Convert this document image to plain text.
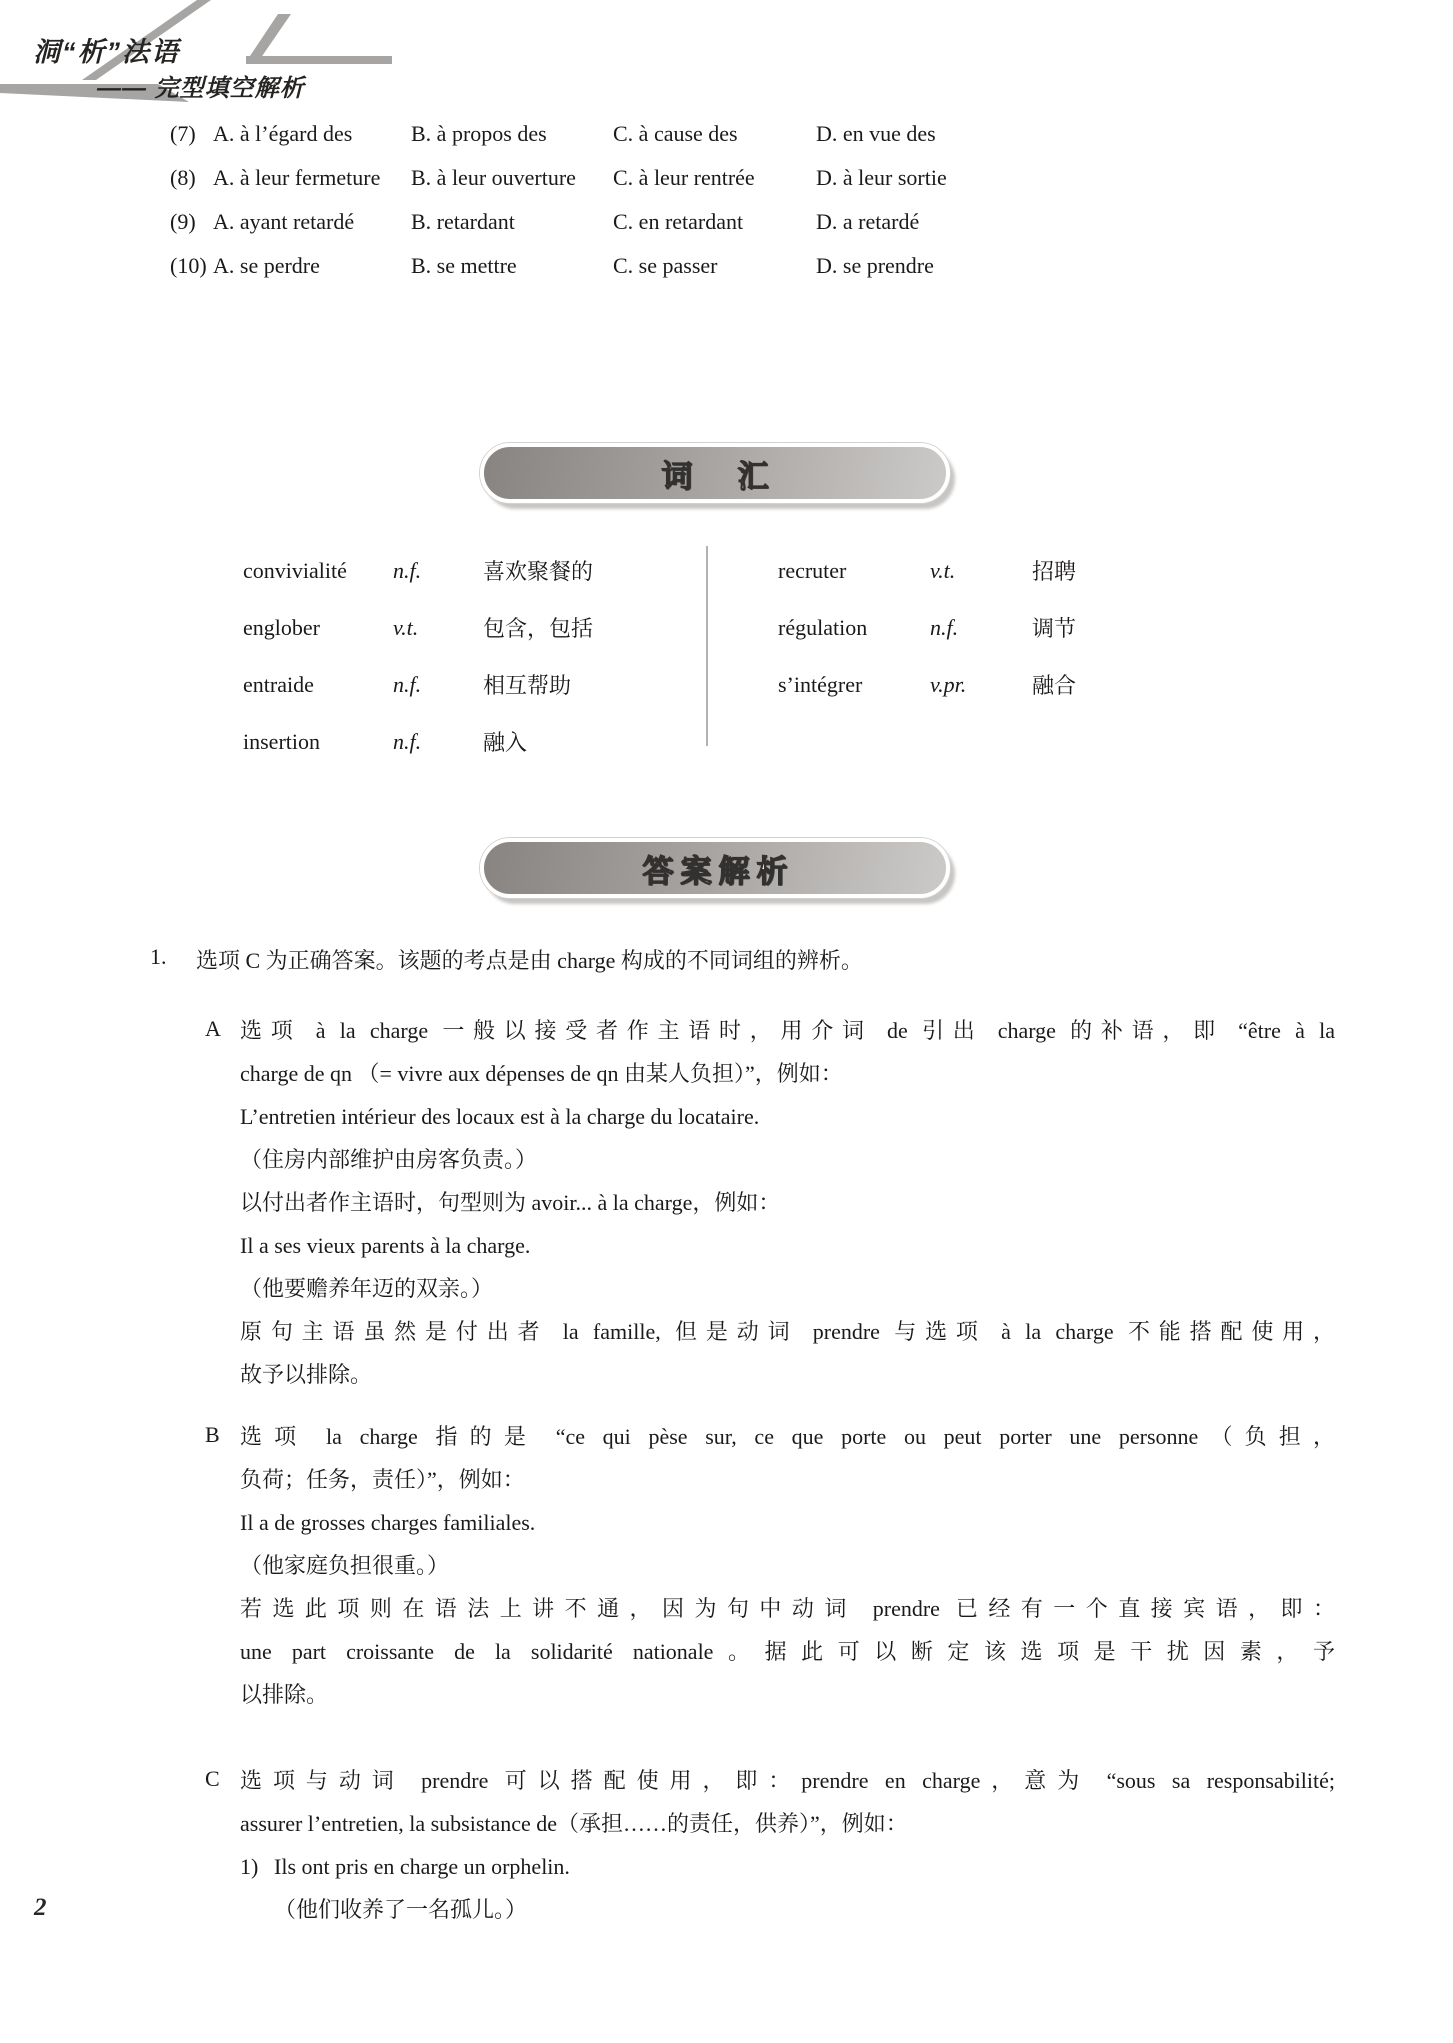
洞“析”法语
—— 完型填空解析
(7) A. à l’égard des	B. à propos des	C. à cause des	D. en vue des
(8) A. à leur fermeture	B. à leur ouverture	C. à leur rentrée	D. à leur sortie
(9) A. ayant retardé	B. retardant	C. en retardant	D. a retardé
(10) A. se perdre	B. se mettre	C. se passer	D. se prendre
词　汇
convivialité	n.f.	喜欢聚餐的
englober	v.t.	包含，包括
entraide	n.f.	相互帮助
insertion	n.f.	融入
recruter	v.t.	招聘
régulation	n.f.	调节
s’intégrer	v.pr.	融合
答案解析
1. 选项 C 为正确答案。该题的考点是由 charge 构成的不同词组的辨析。
A 选项 à la charge 一般以接受者作主语时，用介词 de 引出 charge 的补语，即 “être à la
charge de qn （= vivre aux dépenses de qn 由某人负担）”，例如：
L’entretien intérieur des locaux est à la charge du locataire.
（住房内部维护由房客负责。）
以付出者作主语时，句型则为 avoir... à la charge，例如：
Il a ses vieux parents à la charge.
（他要赡养年迈的双亲。）
原句主语虽然是付出者 la famille, 但是动词 prendre 与选项 à la charge 不能搭配使用，
故予以排除。
B 选项 la charge 指的是 “ce qui pèse sur, ce que porte ou peut porter une personne（负担，
负荷；任务，责任）”，例如：
Il a de grosses charges familiales.
（他家庭负担很重。）
若选此项则在语法上讲不通，因为句中动词 prendre 已经有一个直接宾语，即：
une part croissante de la solidarité nationale。据此可以断定该选项是干扰因素，予
以排除。
C 选项与动词 prendre 可以搭配使用，即：prendre en charge，意为 “sous sa responsabilité;
assurer l’entretien, la subsistance de（承担……的责任，供养）”，例如：
1) Ils ont pris en charge un orphelin.
（他们收养了一名孤儿。）
2
